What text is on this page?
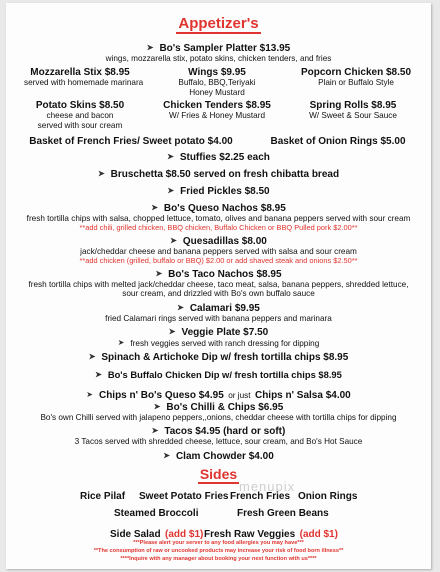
Appetizer's
➤ Bo's Sampler Platter $13.95
wings, mozzarella stix, potato skins, chicken tenders, and fries
Mozzarella Stix $8.95
served with homemade marinara
Wings $9.95
Buffalo, BBQ,Teriyaki
Honey Mustard
Popcorn Chicken $8.50
Plain or Buffalo Style
Potato Skins $8.50
cheese and bacon
served with sour cream
Chicken Tenders $8.95
W/ Fries & Honey Mustard
Spring Rolls $8.95
W/ Sweet & Sour Sauce
Basket of French Fries/ Sweet potato $4.00	Basket of Onion Rings $5.00
➤ Stuffies $2.25 each
➤ Bruschetta $8.50 served on fresh chibatta bread
➤ Fried Pickles $8.50
➤ Bo's Queso Nachos $8.95
fresh tortilla chips with salsa, chopped lettuce, tomato, olives and banana peppers served with sour cream
**add chili, grilled chicken, BBQ chicken, Buffalo Chicken or BBQ Pulled pork $2.00**
➤ Quesadillas $8.00
jack/cheddar cheese and banana peppers served with salsa and sour cream
**add chicken (grilled, buffalo or BBQ) $2.00 or add shaved steak and onions $2.50**
➤ Bo's Taco Nachos $8.95
fresh tortilla chips with melted jack/cheddar cheese, taco meat, salsa, banana peppers, shredded lettuce,
sour cream, and drizzled with Bo's own buffalo sauce
➤ Calamari $9.95
fried Calamari rings served with banana peppers and marinara
➤ Veggie Plate $7.50
➤ fresh veggies served with ranch dressing for dipping
➤ Spinach & Artichoke Dip w/ fresh tortilla chips $8.95
➤ Bo's Buffalo Chicken Dip w/ fresh tortilla chips $8.95
➤ Chips n' Bo's Queso $4.95 or just Chips n' Salsa $4.00
➤ Bo's Chilli & Chips $6.95
Bo's own Chilli served with jalapeno peppers,,onions, cheddar cheese with tortilla chips for dipping
➤ Tacos $4.95 (hard or soft)
3 Tacos served with shredded cheese, lettuce, sour cream, and Bo's Hot Sauce
➤ Clam Chowder $4.00
Sides
menupix
Rice Pilaf Sweet Potato Fries French Fries Onion Rings
Steamed Broccoli	Fresh Green Beans
Side Salad (add $1) Fresh Raw Veggies (add $1)
***Please alert your server to any food allergies you may have***
**The consumption of raw or uncooked products may increase your risk of food born illness**
****Inquire with any manager about booking your next function with us****
